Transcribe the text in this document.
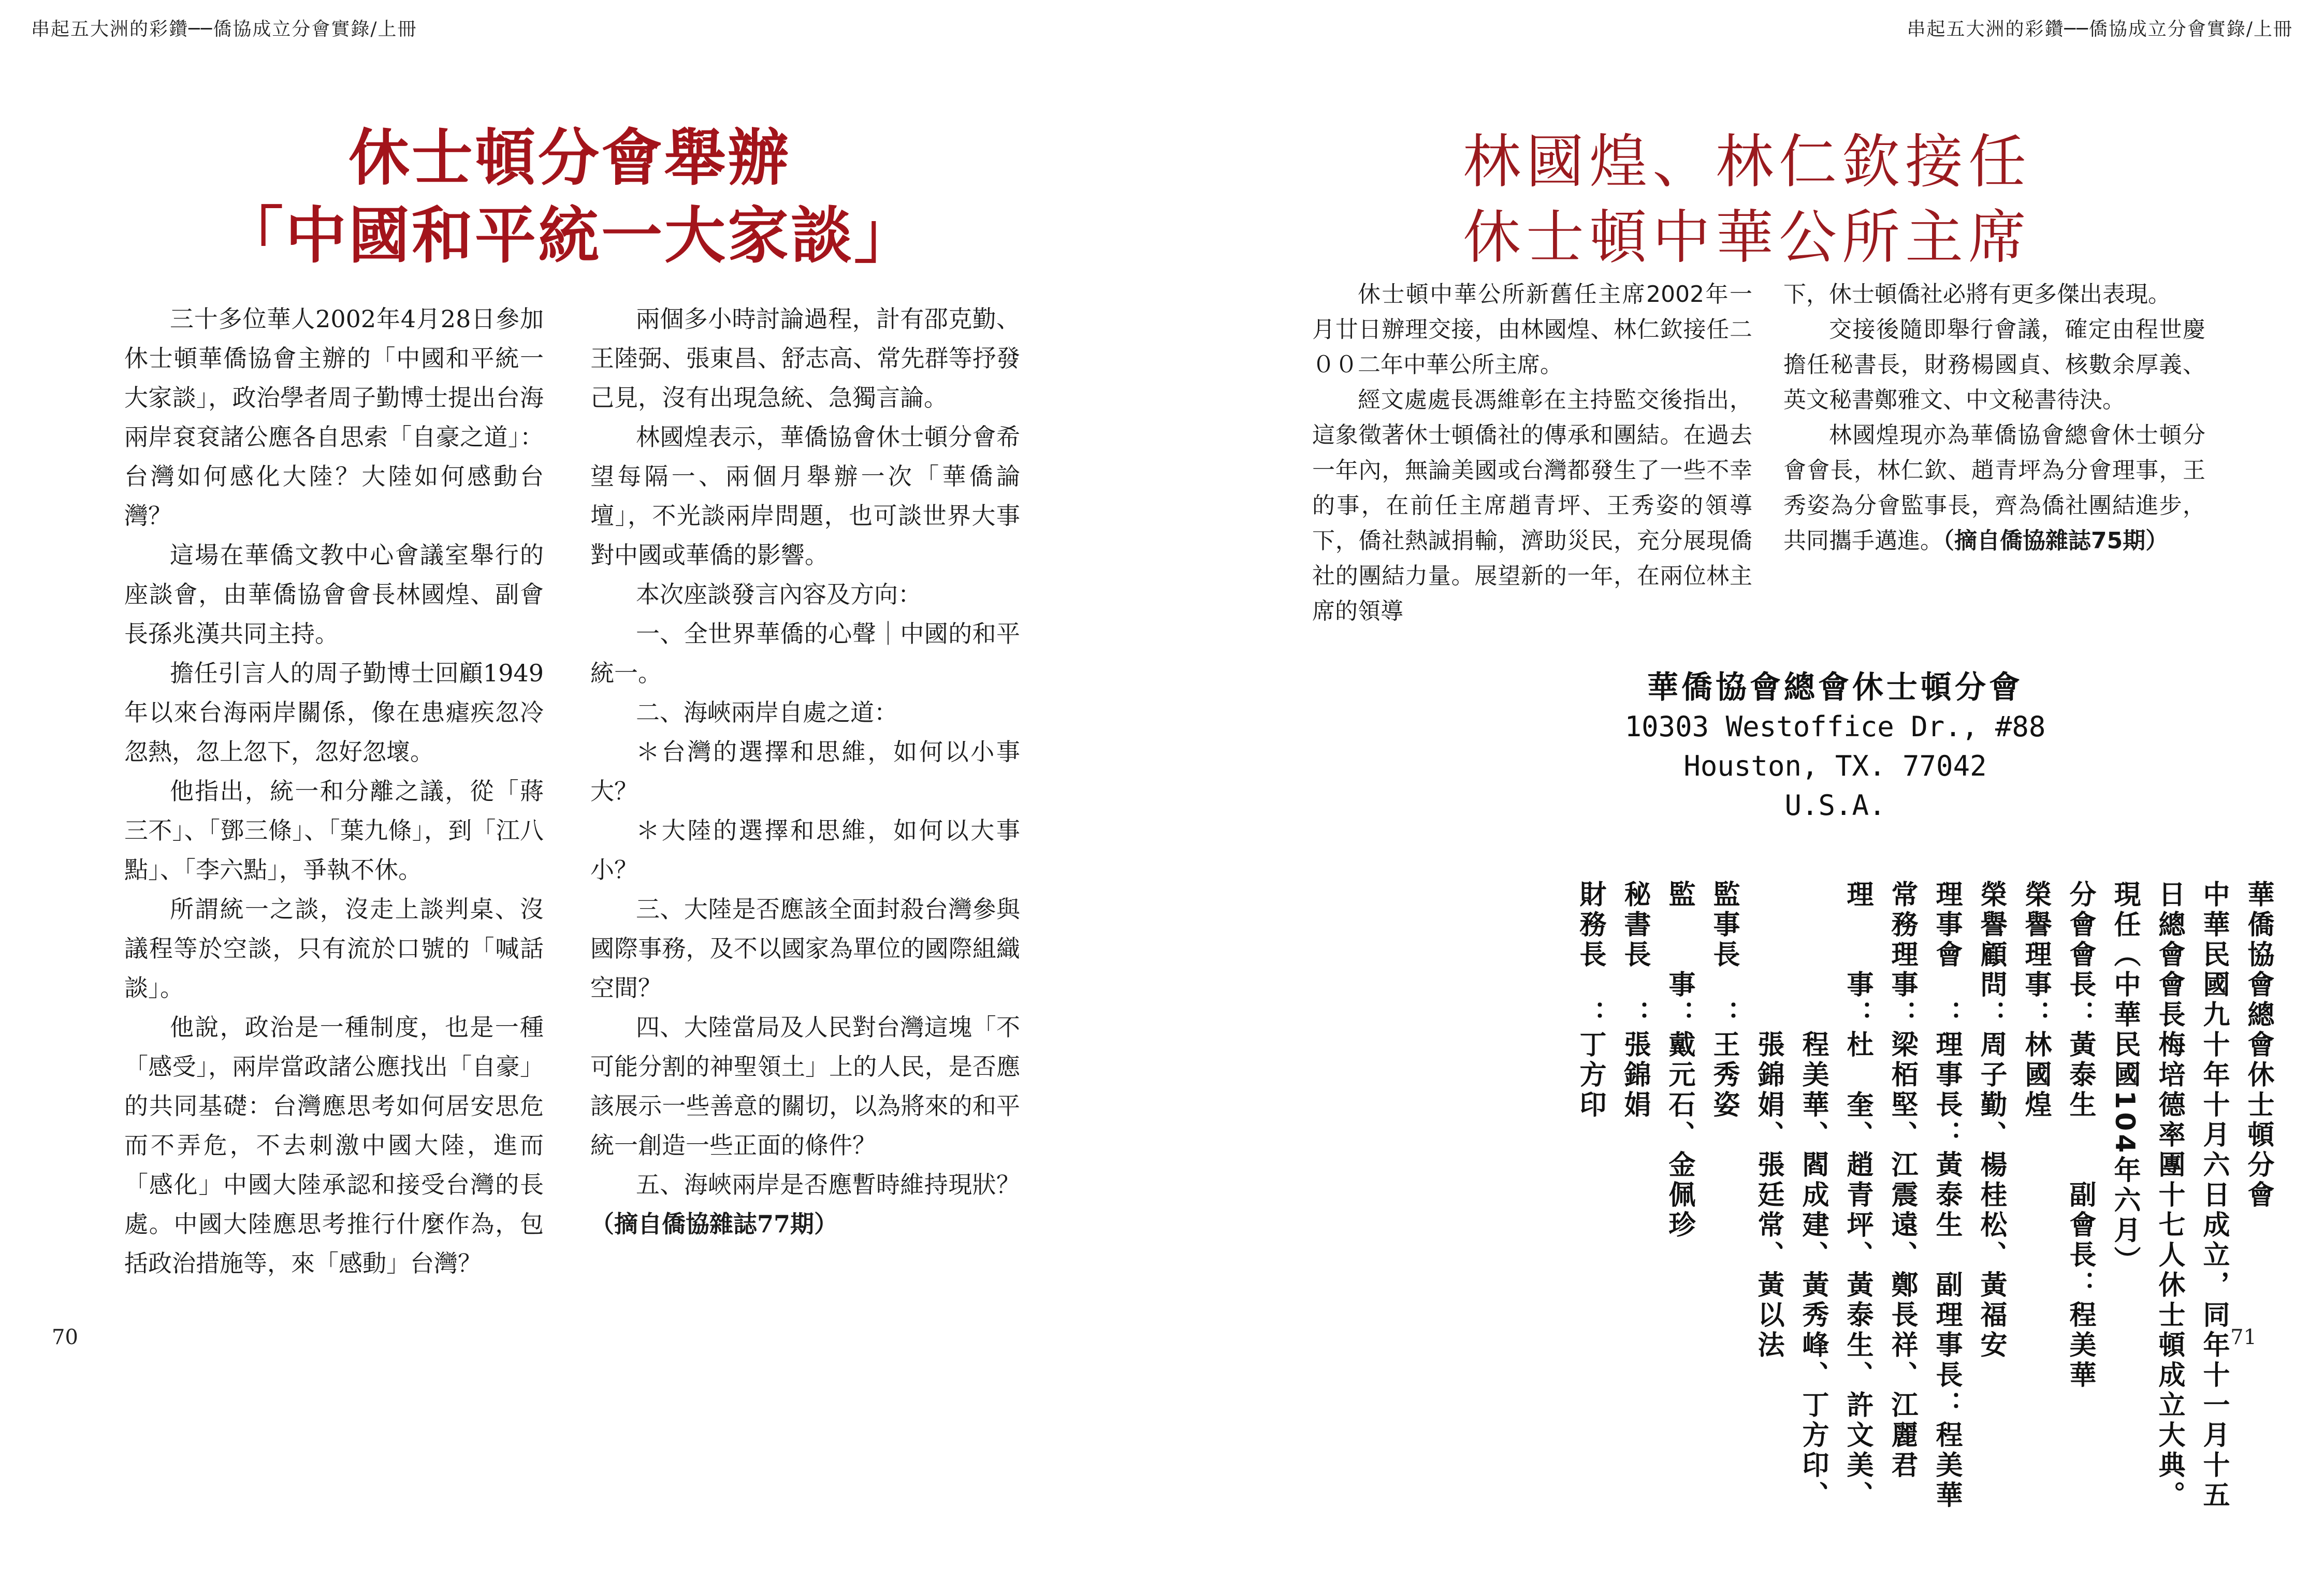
串起五大洲的彩鑽──僑協成立分會實錄/上冊
休士頓分會舉辦
「中國和平統一大家談」

三十多位華人2002年4月28日參加休士頓華僑協會主辦的「中國和平統一大家談」，政治學者周子勤博士提出台海兩岸袞袞諸公應各自思索「自豪之道」：台灣如何感化大陸？大陸如何感動台灣？

這場在華僑文教中心會議室舉行的座談會，由華僑協會會長林國煌、副會長孫兆漢共同主持。

擔任引言人的周子勤博士回顧1949年以來台海兩岸關係，像在患瘧疾忽冷忽熱，忽上忽下，忽好忽壞。

他指出，統一和分離之議，從「蔣三不」、「鄧三條」、「葉九條」，到「江八點」、「李六點」，爭執不休。

所謂統一之談，沒走上談判桌、沒議程等於空談，只有流於口號的「喊話談」。

他說，政治是一種制度，也是一種「感受」，兩岸當政諸公應找出「自豪」的共同基礎：台灣應思考如何居安思危而不弄危，不去刺激中國大陸，進而「感化」中國大陸承認和接受台灣的長處。中國大陸應思考推行什麼作為，包括政治措施等，來「感動」台灣？

兩個多小時討論過程，計有邵克勤、王陸弼、張東昌、舒志高、常先群等抒發己見，沒有出現急統、急獨言論。

林國煌表示，華僑協會休士頓分會希望每隔一、兩個月舉辦一次「華僑論壇」，不光談兩岸問題，也可談世界大事對中國或華僑的影響。

本次座談發言內容及方向：

一、全世界華僑的心聲｜中國的和平統一。

二、海峽兩岸自處之道：

＊台灣的選擇和思維，如何以小事大？

＊大陸的選擇和思維，如何以大事小？

三、大陸是否應該全面封殺台灣參與國際事務，及不以國家為單位的國際組織空間？

四、大陸當局及人民對台灣這塊「不可能分割的神聖領土」上的人民，是否應該展示一些善意的關切，以為將來的和平統一創造一些正面的條件？

五、海峽兩岸是否應暫時維持現狀？（摘自僑協雜誌77期）

70
串起五大洲的彩鑽──僑協成立分會實錄/上冊
林國煌、林仁欽接任
休士頓中華公所主席

休士頓中華公所新舊任主席2002年一月廿日辦理交接，由林國煌、林仁欽接任二００二年中華公所主席。

經文處處長馮維彰在主持監交後指出，這象徵著休士頓僑社的傳承和團結。在過去一年內，無論美國或台灣都發生了一些不幸的事，在前任主席趙青坪、王秀姿的領導下，僑社熱誠捐輸，濟助災民，充分展現僑社的團結力量。展望新的一年，在兩位林主席的領導

下，休士頓僑社必將有更多傑出表現。

交接後隨即舉行會議，確定由程世慶擔任秘書長，財務楊國貞、核數余厚義、英文秘書鄭雅文、中文秘書待決。

林國煌現亦為華僑協會總會休士頓分會會長，林仁欽、趙青坪為分會理事，王秀姿為分會監事長，齊為僑社團結進步，共同攜手邁進。（摘自僑協雜誌75期）

華僑協會總會休士頓分會
10303 Westoffice Dr., #88
Houston, TX. 77042
U.S.A.
華僑協會總會休士頓分會
中華民國九十年十月六日成立，同年十一月十五
日總會會長梅培德率團十七人休士頓成立大典。
現任（中華民國104年六月）
分會會長：黃泰生　　副會長：程美華
榮譽理事：林國煌
榮譽顧問：周子勤、楊桂松、黃福安
理事會　：理事長：黃泰生　副理事長：程美華
常務理事：梁栢堅、江震遠、鄭長祥、江麗君
理　　事：杜　奎、趙青坪、黃泰生、許文美、
　　　　　程美華、閻成建、黃秀峰、丁方印、
　　　　　張錦娟、張廷常、黃以法
監事長　：王秀姿
監　　事：戴元石、金佩珍
秘書長　：張錦娟
財務長　：丁方印
71
